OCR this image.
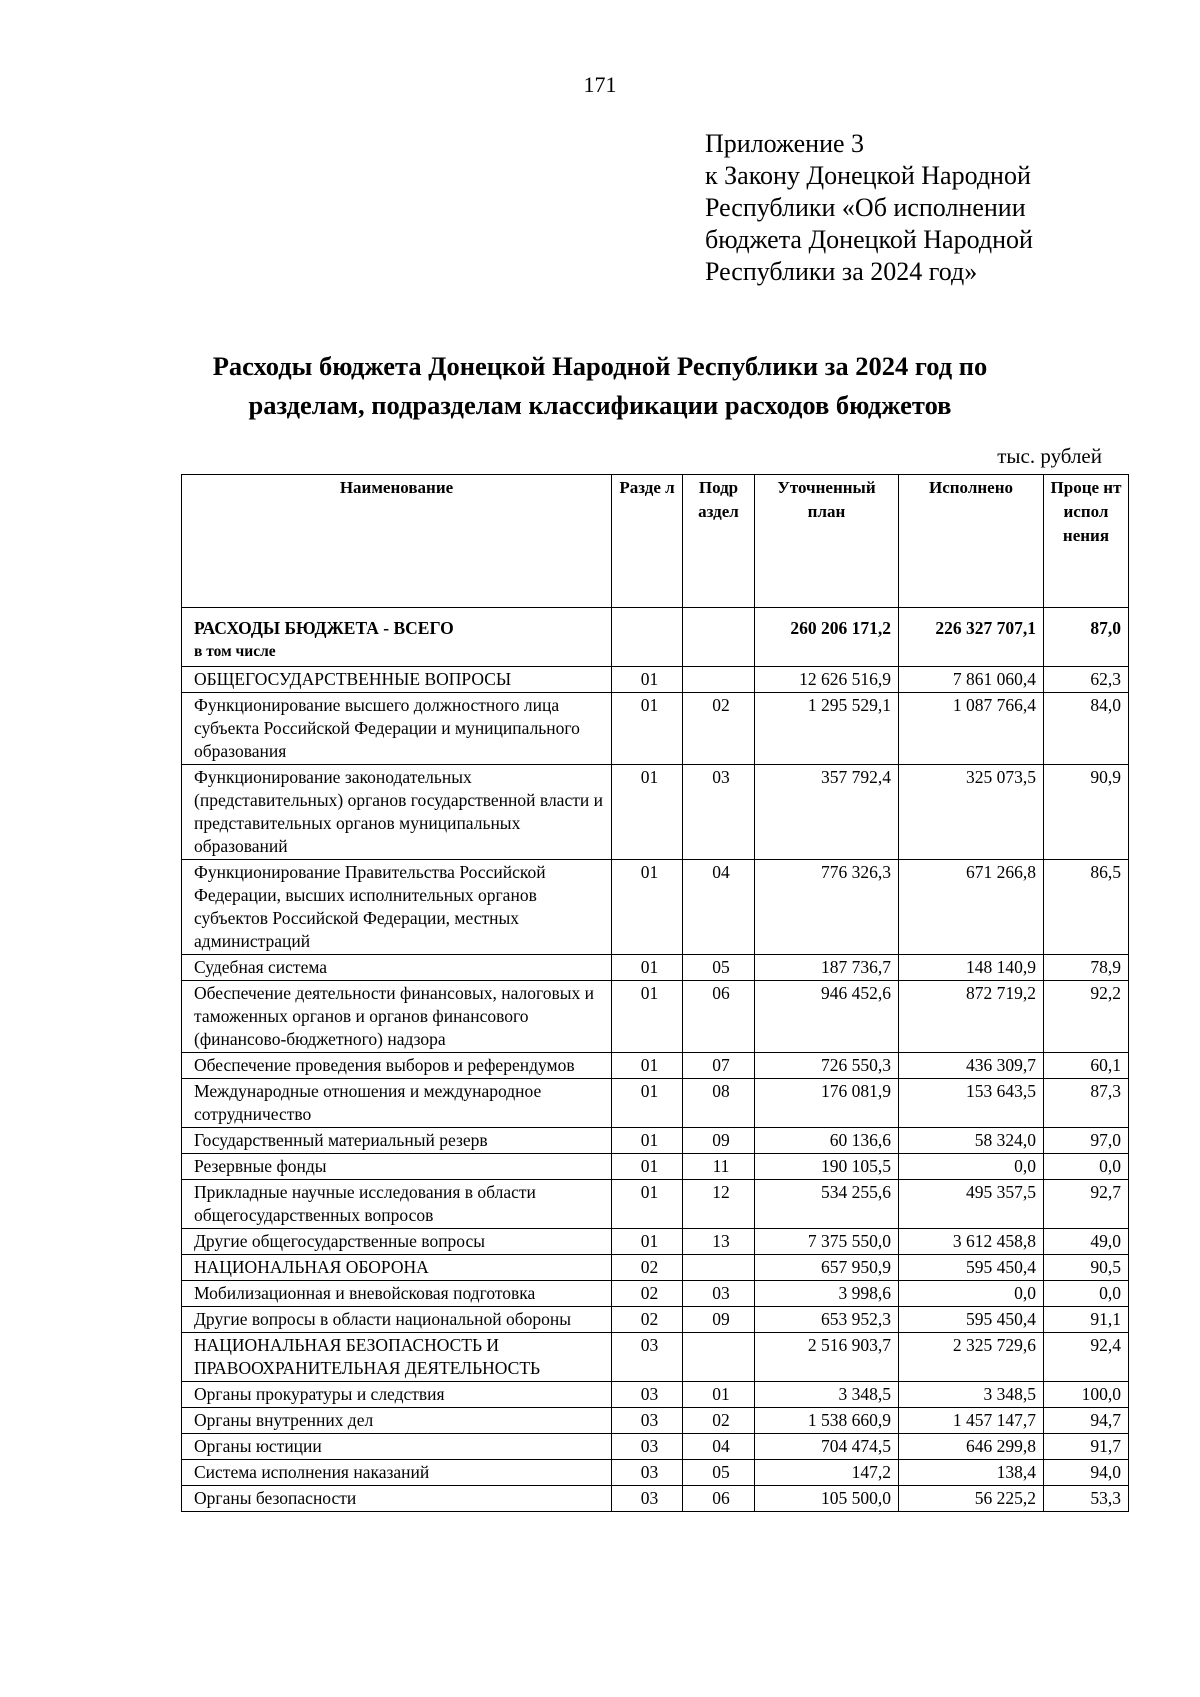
171
Приложение 3
к Закону Донецкой Народной
Республики «Об исполнении
бюджета Донецкой Народной
Республики за 2024 год»
Расходы бюджета Донецкой Народной Республики за 2024 год по
разделам, подразделам классификации расходов бюджетов
тыс. рублей
Наименование	Разде л	Подр аздел	Уточненный план	Исполнено	Проце нт испол нения

РАСХОДЫ БЮДЖЕТА - ВСЕГО
в том числе			260 206 171,2	226 327 707,1	87,0
ОБЩЕГОСУДАРСТВЕННЫЕ ВОПРОСЫ	01		12 626 516,9	7 861 060,4	62,3
Функционирование высшего должностного лица субъекта Российской Федерации и муниципального образования	01	02	1 295 529,1	1 087 766,4	84,0
Функционирование законодательных (представительных) органов государственной власти и представительных органов муниципальных образований	01	03	357 792,4	325 073,5	90,9
Функционирование Правительства Российской Федерации, высших исполнительных органов субъектов Российской Федерации, местных администраций	01	04	776 326,3	671 266,8	86,5
Судебная система	01	05	187 736,7	148 140,9	78,9
Обеспечение деятельности финансовых, налоговых и таможенных органов и органов финансового (финансово-бюджетного) надзора	01	06	946 452,6	872 719,2	92,2
Обеспечение проведения выборов и референдумов	01	07	726 550,3	436 309,7	60,1
Международные отношения и международное сотрудничество	01	08	176 081,9	153 643,5	87,3
Государственный материальный резерв	01	09	60 136,6	58 324,0	97,0
Резервные фонды	01	11	190 105,5	0,0	0,0
Прикладные научные исследования в области общегосударственных вопросов	01	12	534 255,6	495 357,5	92,7
Другие общегосударственные вопросы	01	13	7 375 550,0	3 612 458,8	49,0
НАЦИОНАЛЬНАЯ ОБОРОНА	02		657 950,9	595 450,4	90,5
Мобилизационная и вневойсковая подготовка	02	03	3 998,6	0,0	0,0
Другие вопросы в области национальной обороны	02	09	653 952,3	595 450,4	91,1
НАЦИОНАЛЬНАЯ БЕЗОПАСНОСТЬ И ПРАВООХРАНИТЕЛЬНАЯ ДЕЯТЕЛЬНОСТЬ	03		2 516 903,7	2 325 729,6	92,4
Органы прокуратуры и следствия	03	01	3 348,5	3 348,5	100,0
Органы внутренних дел	03	02	1 538 660,9	1 457 147,7	94,7
Органы юстиции	03	04	704 474,5	646 299,8	91,7
Система исполнения наказаний	03	05	147,2	138,4	94,0
Органы безопасности	03	06	105 500,0	56 225,2	53,3
